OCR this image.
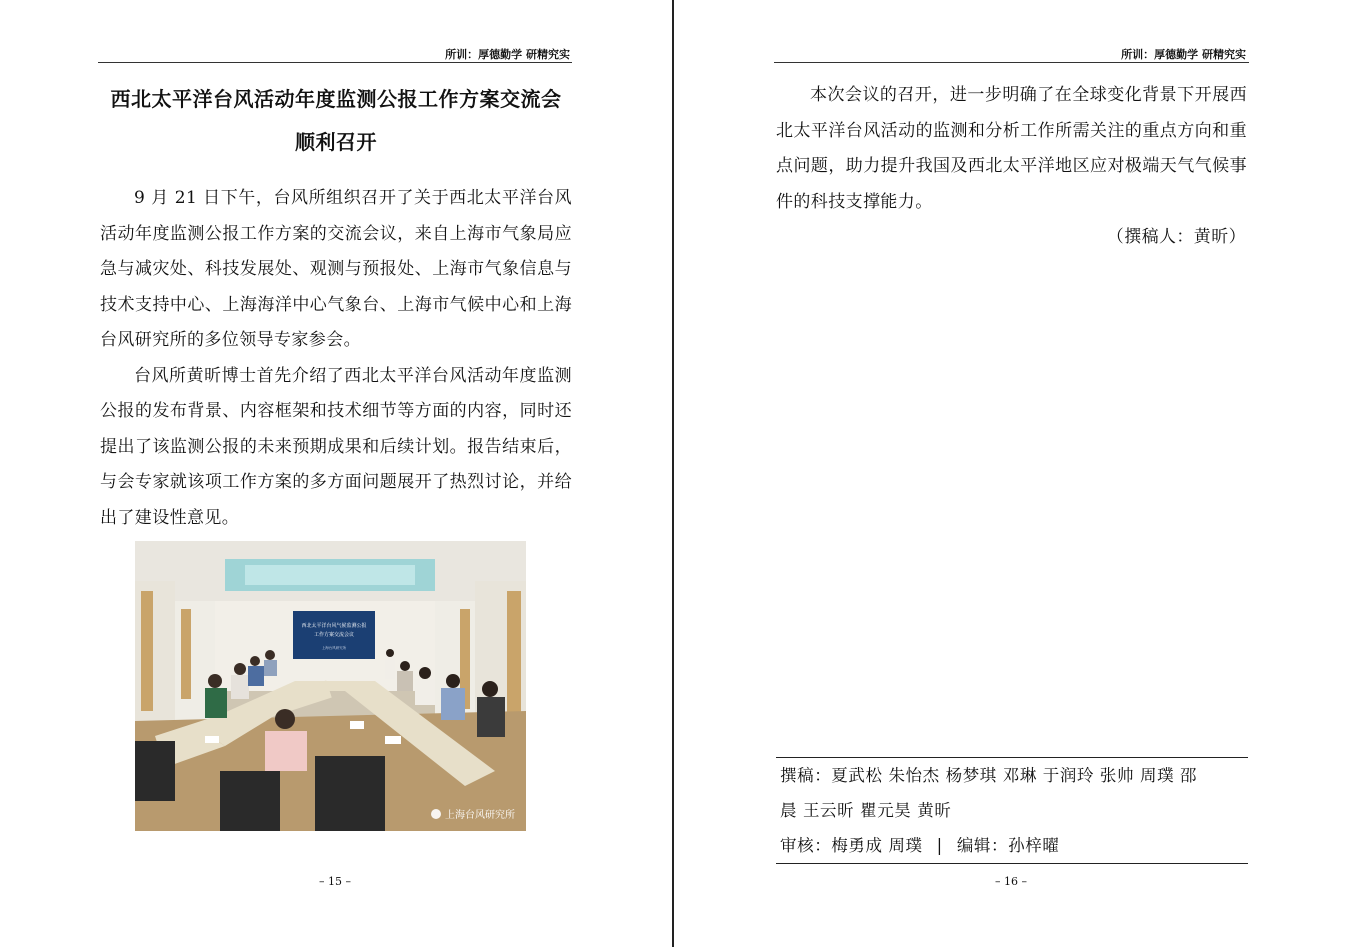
所训：厚德勤学 研精究实
西北太平洋台风活动年度监测公报工作方案交流会
顺利召开

9 月 21 日下午，台风所组织召开了关于西北太平洋台风活动年度监测公报工作方案的交流会议，来自上海市气象局应急与减灾处、科技发展处、观测与预报处、上海市气象信息与技术支持中心、上海海洋中心气象台、上海市气候中心和上海台风研究所的多位领导专家参会。

台风所黄昕博士首先介绍了西北太平洋台风活动年度监测公报的发布背景、内容框架和技术细节等方面的内容，同时还提出了该监测公报的未来预期成果和后续计划。报告结束后，与会专家就该项工作方案的多方面问题展开了热烈讨论，并给出了建设性意见。

西北太平洋台风气候监测公报
工作方案交流会议
上海台风研究所
上海台风研究所
– 15 –
所训：厚德勤学 研精究实

本次会议的召开，进一步明确了在全球变化背景下开展西北太平洋台风活动的监测和分析工作所需关注的重点方向和重点问题，助力提升我国及西北太平洋地区应对极端天气气候事件的科技支撑能力。

（撰稿人：黄昕）
撰稿：夏武松 朱怡杰 杨梦琪 邓琳 于润玲 张帅 周璞 邵
晨 王云昕 瞿元昊 黄昕
审核：梅勇成 周璞 | 编辑：孙梓曜
– 16 –
